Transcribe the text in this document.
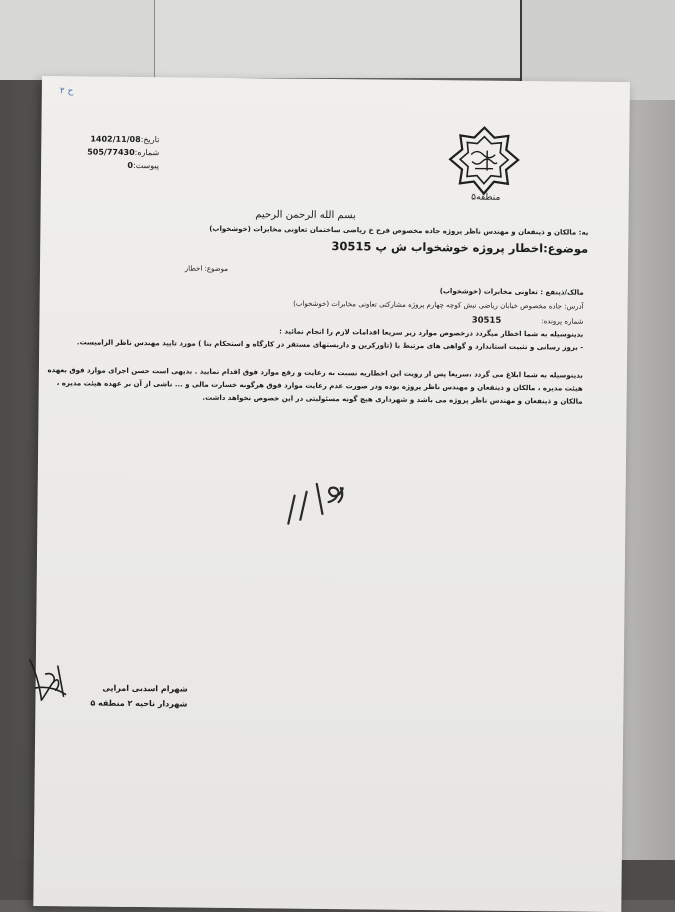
ح ۲
منطقه۵
تاریخ:1402/11/08
شماره:505/77430
پیوست:0
بسم الله الرحمن الرحیم
به: مالکان و ذینفعان و مهندس ناظر پروژه جاده مخصوص فرح خ ریاضی ساختمان تعاونی مخابرات (خوشخواب)
موضوع:اخطار پروژه خوشخواب ش پ 30515
موضوع: اخطار
مالک/ذینفع : تعاونی مخابرات (خوشخواب)
آدرس: جاده مخصوص خیابان ریاضی نبش کوچه چهارم پروژه مشارکتی تعاونی مخابرات (خوشخواب)
شماره پرونده:30515
بدینوسیله به شما اخطار میگردد درخصوص موارد زیر سریعا اقدامات لازم را انجام نمائید :
- بروز رسانی و تثبیت استاندارد و گواهی های مرتبط با (تاورکرین و داربستهای مستقر در کارگاه و استحکام بنا ) مورد تایید مهندس ناظر الزامیست.
بدینوسیله به شما ابلاغ می گردد ،سریعا پس از رویت این اخطاریه نسبت به رعایت و رفع موارد فوق اقدام نمایید . بدیهی است حسن اجرای موارد فوق بعهده هیئت مدیره ، مالکان و ذینفعان و مهندس ناظر پروژه بوده ودر صورت عدم رعایت موارد فوق هرگونه خسارت مالی و ... ناشی از آن بر عهده هیئت مدیره ، مالکان و ذینفعان و مهندس ناظر پروژه می باشد و شهرداری هیچ گونه مسئولیتی در این خصوص نخواهد داشت.
شهرام اسدبی امرایی
شهردار ناحیه ۲ منطقه ۵
